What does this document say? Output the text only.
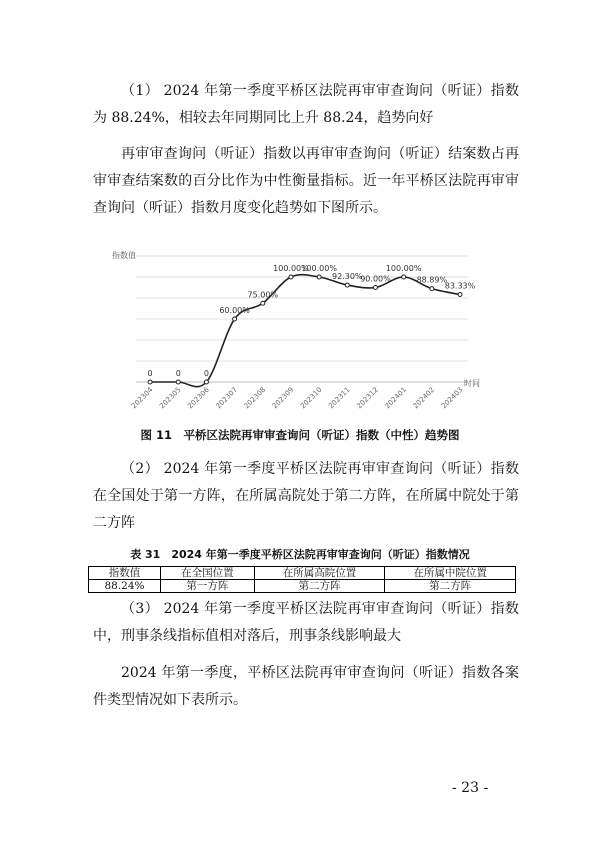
（1） 2024 年第一季度平桥区法院再审审查询问（听证）指数为 88.24%，相较去年同期同比上升 88.24，趋势向好

再审审查询问（听证）指数以再审审查询问（听证）结案数占再审审查结案数的百分比作为中性衡量指标。近一年平桥区法院再审审查询问（听证）指数月度变化趋势如下图所示。

指数值
时间
0	0	0
60.00%
75.00%
100.00%
100.00%
92.30%
90.00%
100.00%
88.89%
83.33%
202304 202305 202306 202307 202308 202309 202310 202311 202312 202401 202402 202403
图 11　平桥区法院再审审查询问（听证）指数（中性）趋势图

（2） 2024 年第一季度平桥区法院再审审查询问（听证）指数在全国处于第一方阵，在所属高院处于第二方阵，在所属中院处于第二方阵

表 31　2024 年第一季度平桥区法院再审审查询问（听证）指数情况
指数值	在全国位置	在所属高院位置	在所属中院位置
88.24%	第一方阵	第二方阵	第二方阵

（3） 2024 年第一季度平桥区法院再审审查询问（听证）指数中，刑事条线指标值相对落后，刑事条线影响最大

2024 年第一季度，平桥区法院再审审查询问（听证）指数各案件类型情况如下表所示。

- 23 -
